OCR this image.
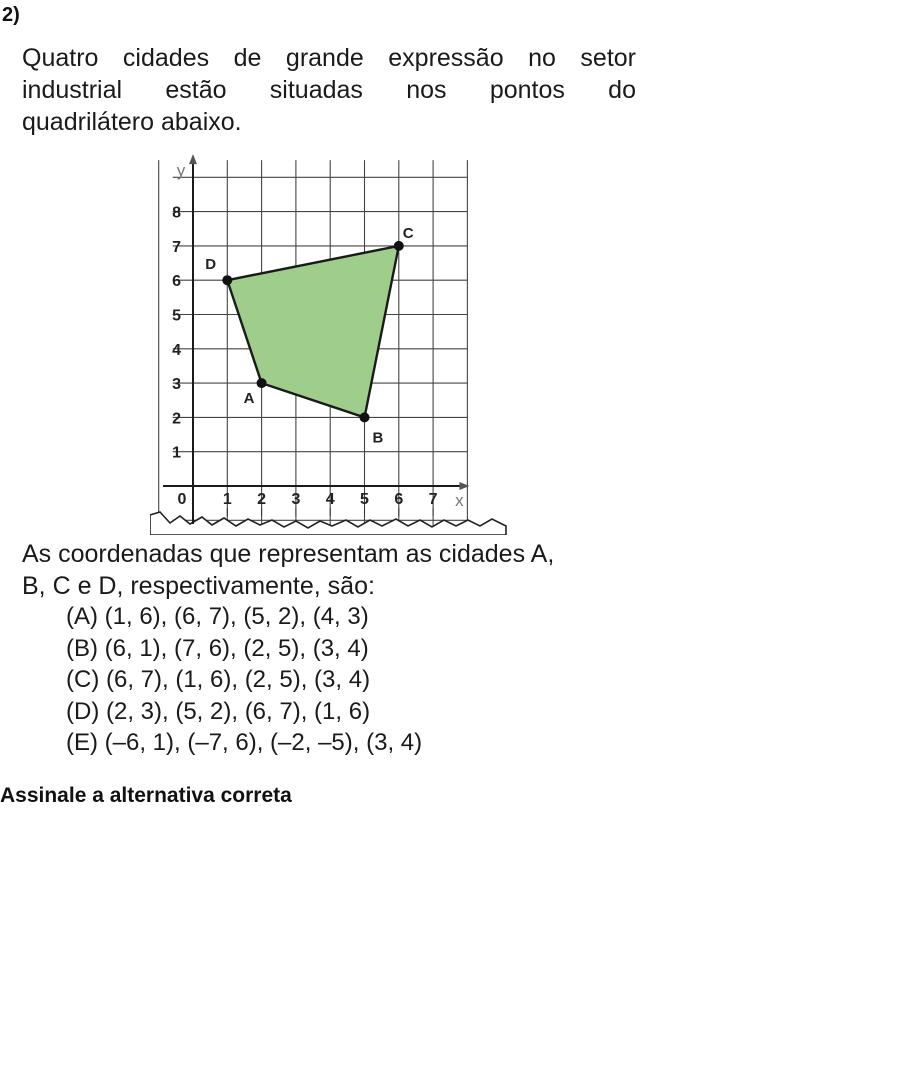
2)
Quatro cidades de grande expressão no setor
industrial estão situadas nos pontos do
quadrilátero abaixo.
y
x
0 1 2 3 4 5 6 7
1
2
3
4
5
6
7
8
A
B
C
D
As coordenadas que representam as cidades A,
B, C e D, respectivamente, são:
(A) (1, 6), (6, 7), (5, 2), (4, 3)
(B) (6, 1), (7, 6), (2, 5), (3, 4)
(C) (6, 7), (1, 6), (2, 5), (3, 4)
(D) (2, 3), (5, 2), (6, 7), (1, 6)
(E) (–6, 1), (–7, 6), (–2, –5), (3, 4)
Assinale a alternativa correta
